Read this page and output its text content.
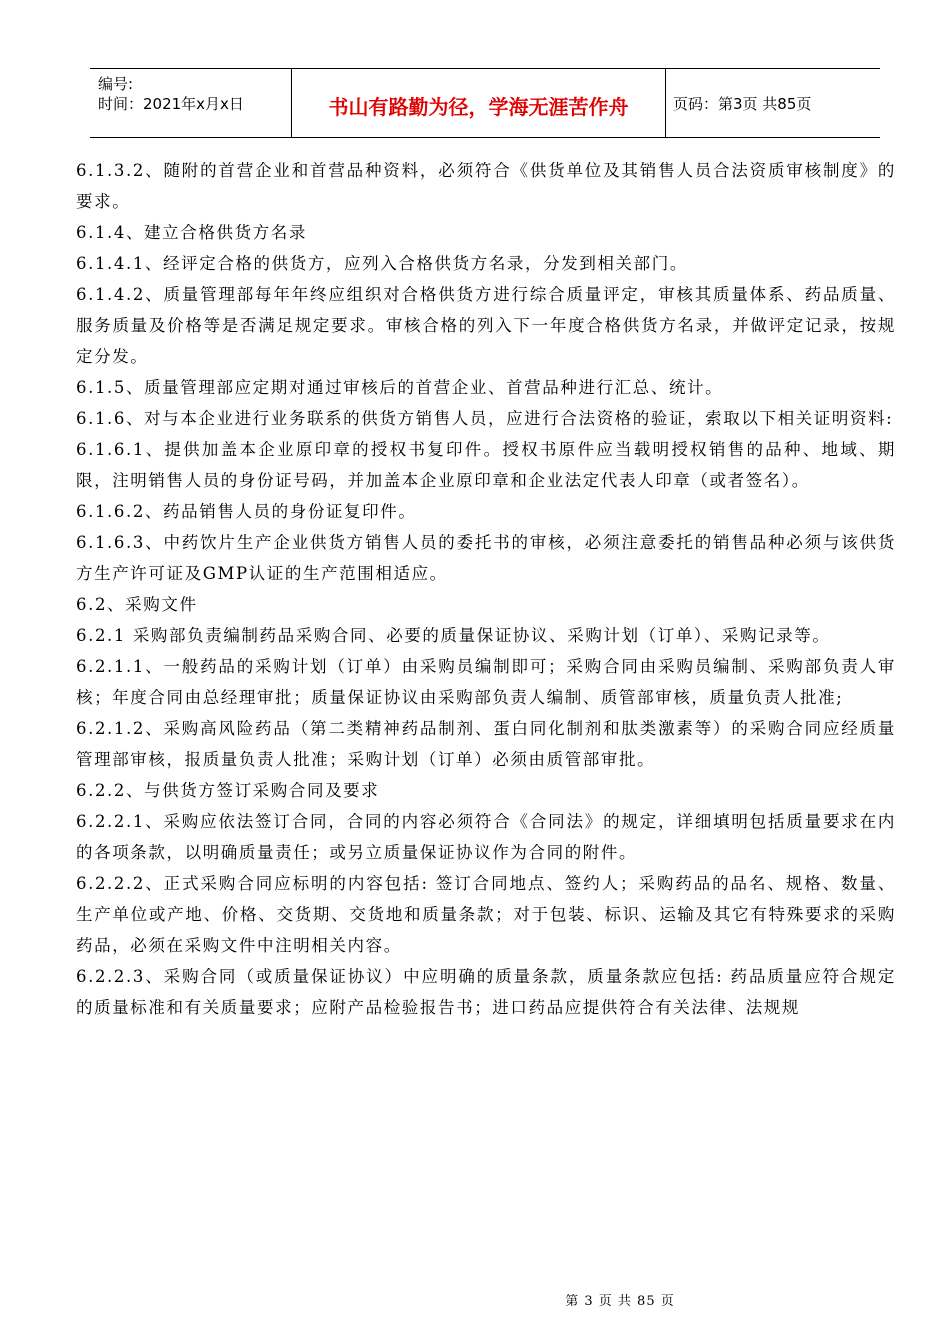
编号:
时间：2021年x月x日	书山有路勤为径，学海无涯苦作舟	页码：第3页 共85页

6.1.3.2、随附的首营企业和首营品种资料，必须符合《供货单位及其销售人员合法资质审核制度》的要求。

6.1.4、建立合格供货方名录

6.1.4.1、经评定合格的供货方，应列入合格供货方名录，分发到相关部门。

6.1.4.2、质量管理部每年年终应组织对合格供货方进行综合质量评定，审核其质量体系、药品质量、服务质量及价格等是否满足规定要求。审核合格的列入下一年度合格供货方名录，并做评定记录，按规定分发。

6.1.5、质量管理部应定期对通过审核后的首营企业、首营品种进行汇总、统计。

6.1.6、对与本企业进行业务联系的供货方销售人员，应进行合法资格的验证，索取以下相关证明资料:

6.1.6.1、提供加盖本企业原印章的授权书复印件。授权书原件应当载明授权销售的品种、地域、期限，注明销售人员的身份证号码，并加盖本企业原印章和企业法定代表人印章（或者签名）。

6.1.6.2、药品销售人员的身份证复印件。

6.1.6.3、中药饮片生产企业供货方销售人员的委托书的审核，必须注意委托的销售品种必须与该供货方生产许可证及GMP认证的生产范围相适应。

6.2、采购文件

6.2.1 采购部负责编制药品采购合同、必要的质量保证协议、采购计划（订单）、采购记录等。

6.2.1.1、一般药品的采购计划（订单）由采购员编制即可；采购合同由采购员编制、采购部负责人审核；年度合同由总经理审批；质量保证协议由采购部负责人编制、质管部审核，质量负责人批准;

6.2.1.2、采购高风险药品（第二类精神药品制剂、蛋白同化制剂和肽类激素等）的采购合同应经质量管理部审核，报质量负责人批准；采购计划（订单）必须由质管部审批。

6.2.2、与供货方签订采购合同及要求

6.2.2.1、采购应依法签订合同，合同的内容必须符合《合同法》的规定，详细填明包括质量要求在内的各项条款，以明确质量责任；或另立质量保证协议作为合同的附件。

6.2.2.2、正式采购合同应标明的内容包括: 签订合同地点、签约人；采购药品的品名、规格、数量、生产单位或产地、价格、交货期、交货地和质量条款；对于包装、标识、运输及其它有特殊要求的采购药品，必须在采购文件中注明相关内容。

6.2.2.3、采购合同（或质量保证协议）中应明确的质量条款，质量条款应包括: 药品质量应符合规定的质量标准和有关质量要求；应附产品检验报告书；进口药品应提供符合有关法律、法规规

第 3 页 共 85 页
